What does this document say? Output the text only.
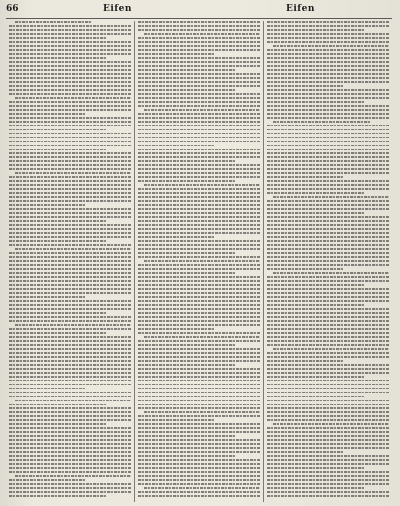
66	Eifen	Eifen
